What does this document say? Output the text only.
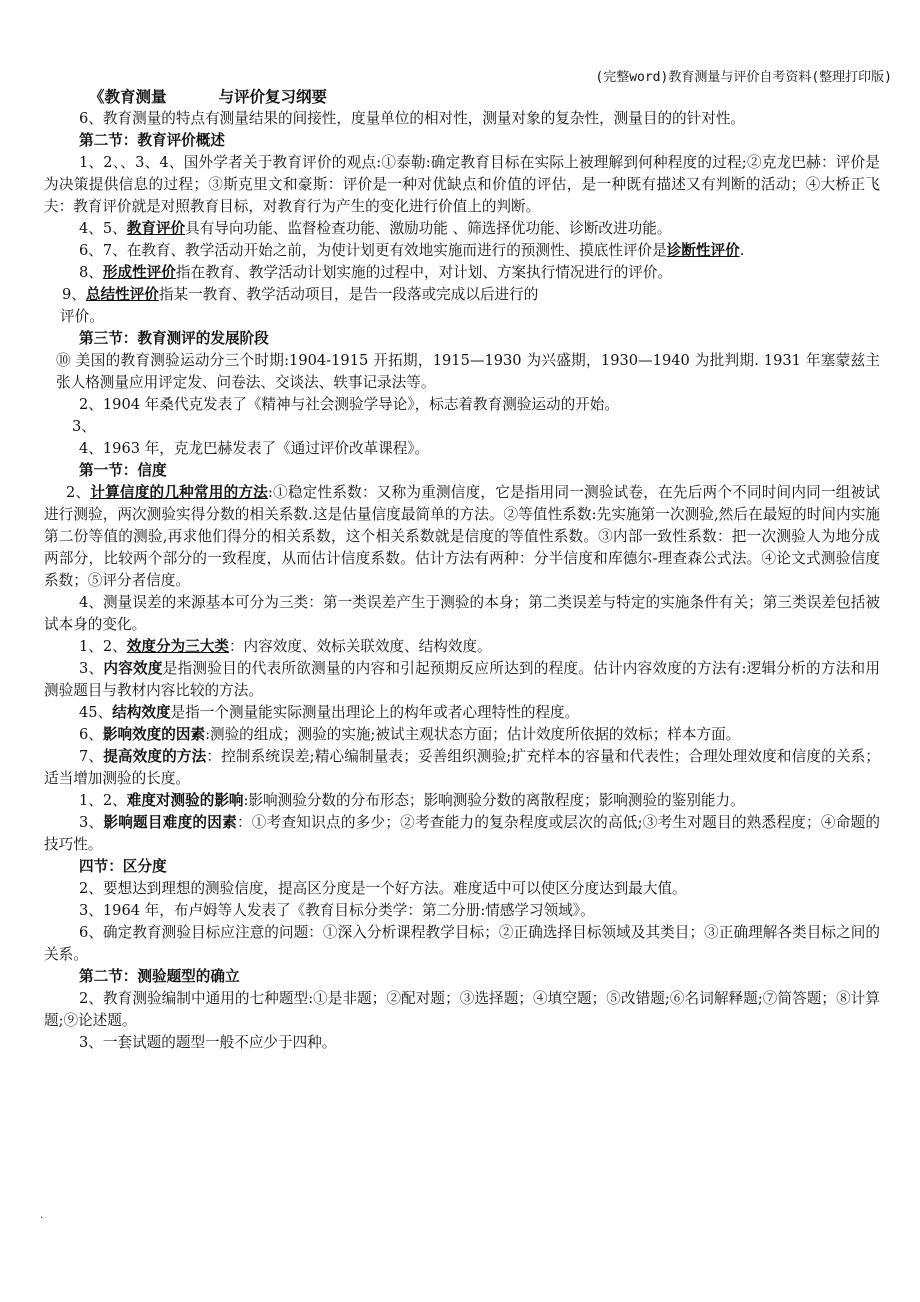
(完整word)教育测量与评价自考资料(整理打印版)

《教育测量	与评价复习纲要

6、教育测量的特点有测量结果的间接性，度量单位的相对性，测量对象的复杂性，测量目的的针对性。

第二节：教育评价概述

1、2、、3、4、国外学者关于教育评价的观点:①泰勒:确定教育目标在实际上被理解到何种程度的过程;②克龙巴赫：评价是为决策提供信息的过程；③斯克里文和豪斯：评价是一种对优缺点和价值的评估，是一种既有描述又有判断的活动；④大桥正飞夫：教育评价就是对照教育目标，对教育行为产生的变化进行价值上的判断。

4、5、教育评价具有导向功能、监督检查功能、激励功能 、筛选择优功能、诊断改进功能。

6、7、在教育、教学活动开始之前，为使计划更有效地实施而进行的预测性、摸底性评价是诊断性评价.

8、形成性评价指在教育、教学活动计划实施的过程中，对计划、方案执行情况进行的评价。

9、总结性评价指某一教育、教学活动项目，是告一段落或完成以后进行的

评价。

第三节：教育测评的发展阶段

⑩ 美国的教育测验运动分三个时期:1904-1915 开拓期，1915—1930 为兴盛期，1930—1940 为批判期. 1931 年塞蒙兹主张人格测量应用评定发、问卷法、交谈法、轶事记录法等。

2、1904 年桑代克发表了《精神与社会测验学导论》，标志着教育测验运动的开始。

3、

4、1963 年，克龙巴赫发表了《通过评价改革课程》。

第一节：信度

2、计算信度的几种常用的方法:①稳定性系数：又称为重测信度，它是指用同一测验试卷，在先后两个不同时间内同一组被试进行测验，两次测验实得分数的相关系数.这是估量信度最简单的方法。②等值性系数:先实施第一次测验,然后在最短的时间内实施第二份等值的测验,再求他们得分的相关系数，这个相关系数就是信度的等值性系数。③内部一致性系数：把一次测验人为地分成两部分，比较两个部分的一致程度，从而估计信度系数。估计方法有两种：分半信度和库德尔-理查森公式法。④论文式测验信度系数；⑤评分者信度。

4、测量误差的来源基本可分为三类：第一类误差产生于测验的本身；第二类误差与特定的实施条件有关；第三类误差包括被试本身的变化。

1、2、效度分为三大类：内容效度、效标关联效度、结构效度。

3、内容效度是指测验目的代表所欲测量的内容和引起预期反应所达到的程度。估计内容效度的方法有:逻辑分析的方法和用测验题目与教材内容比较的方法。

45、结构效度是指一个测量能实际测量出理论上的构年或者心理特性的程度。

6、影响效度的因素:测验的组成；测验的实施;被试主观状态方面；估计效度所依据的效标；样本方面。

7、提高效度的方法：控制系统误差;精心编制量表；妥善组织测验;扩充样本的容量和代表性；合理处理效度和信度的关系；适当增加测验的长度。

1、2、难度对测验的影响:影响测验分数的分布形态；影响测验分数的离散程度；影响测验的鉴别能力。

3、影响题目难度的因素：①考查知识点的多少；②考查能力的复杂程度或层次的高低;③考生对题目的熟悉程度；④命题的技巧性。

四节：区分度

2、要想达到理想的测验信度，提高区分度是一个好方法。难度适中可以使区分度达到最大值。

3、1964 年，布卢姆等人发表了《教育目标分类学：第二分册:情感学习领域》。

6、确定教育测验目标应注意的问题：①深入分析课程教学目标；②正确选择目标领域及其类目；③正确理解各类目标之间的关系。

第二节：测验题型的确立

2、教育测验编制中通用的七种题型:①是非题；②配对题；③选择题；④填空题；⑤改错题;⑥名词解释题;⑦简答题；⑧计算题;⑨论述题。

3、一套试题的题型一般不应少于四种。

.
